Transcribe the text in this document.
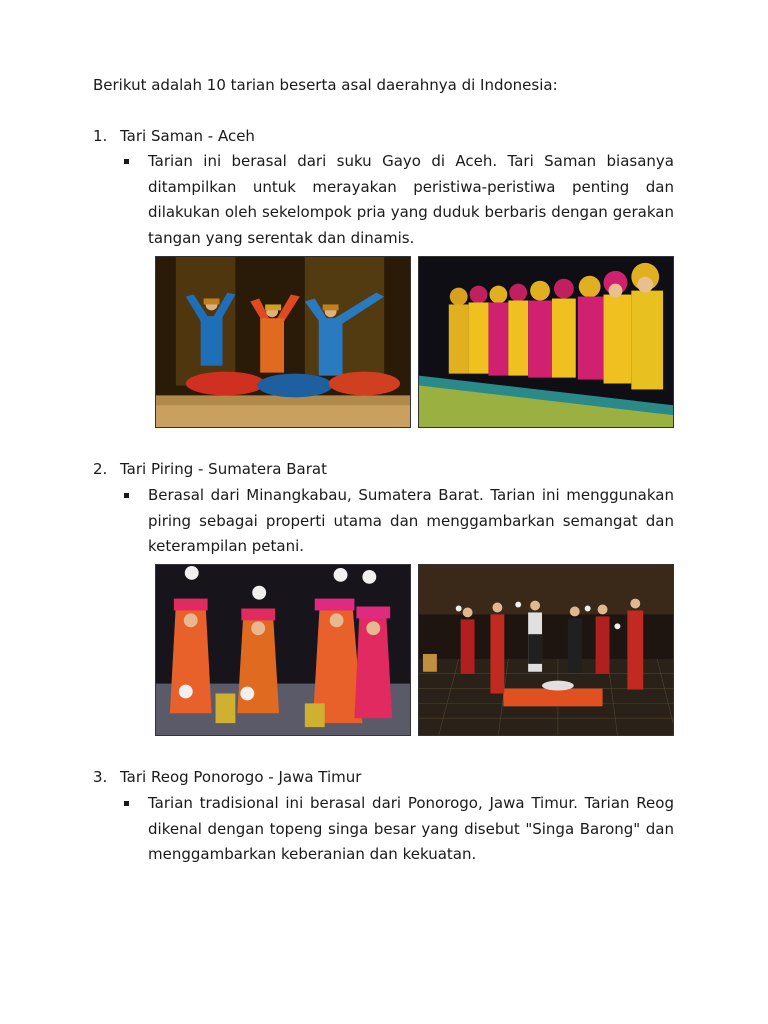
Berikut adalah 10 tarian beserta asal daerahnya di Indonesia:
1. Tari Saman - Aceh
Tarian ini berasal dari suku Gayo di Aceh. Tari Saman biasanya ditampilkan untuk merayakan peristiwa-peristiwa penting dan dilakukan oleh sekelompok pria yang duduk berbaris dengan gerakan tangan yang serentak dan dinamis.
2. Tari Piring - Sumatera Barat
Berasal dari Minangkabau, Sumatera Barat. Tarian ini menggunakan piring sebagai properti utama dan menggambarkan semangat dan keterampilan petani.
3. Tari Reog Ponorogo - Jawa Timur
Tarian tradisional ini berasal dari Ponorogo, Jawa Timur. Tarian Reog dikenal dengan topeng singa besar yang disebut "Singa Barong" dan menggambarkan keberanian dan kekuatan.
